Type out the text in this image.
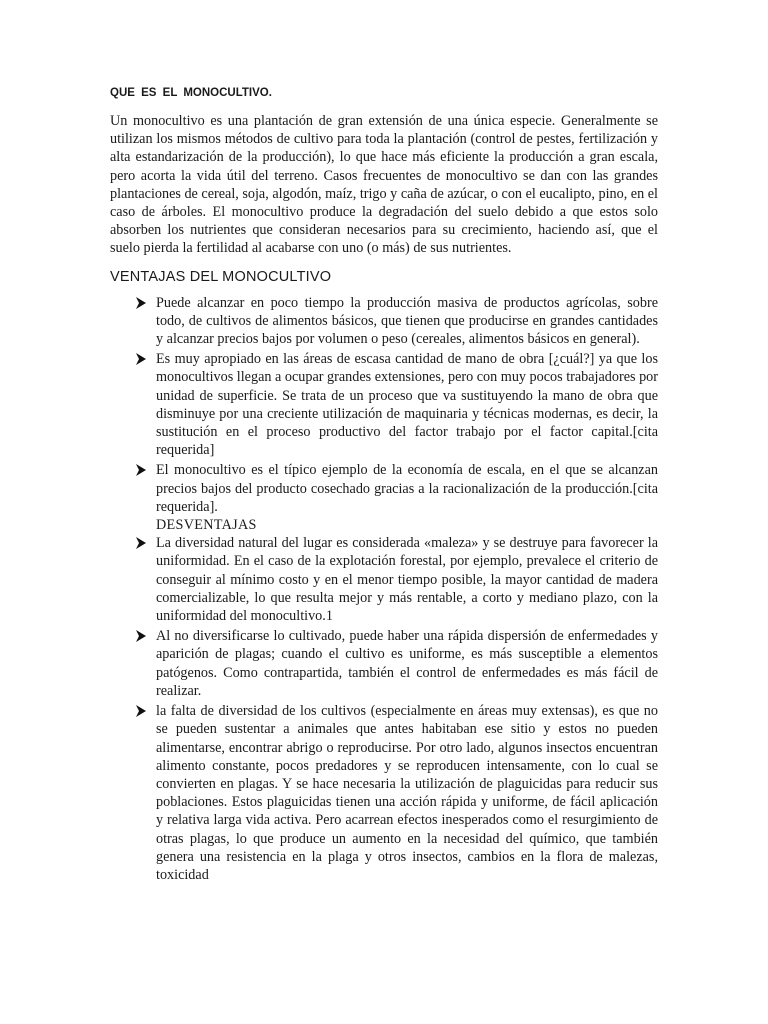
QUE ES EL MONOCULTIVO.

Un monocultivo es una plantación de gran extensión de una única especie. Generalmente se utilizan los mismos métodos de cultivo para toda la plantación (control de pestes, fertilización y alta estandarización de la producción), lo que hace más eficiente la producción a gran escala, pero acorta la vida útil del terreno. Casos frecuentes de monocultivo se dan con las grandes plantaciones de cereal, soja, algodón, maíz, trigo y caña de azúcar, o con el eucalipto, pino, en el caso de árboles. El monocultivo produce la degradación del suelo debido a que estos solo absorben los nutrientes que consideran necesarios para su crecimiento, haciendo así, que el suelo pierda la fertilidad al acabarse con uno (o más) de sus nutrientes.

VENTAJAS DEL MONOCULTIVO

Puede alcanzar en poco tiempo la producción masiva de productos agrícolas, sobre todo, de cultivos de alimentos básicos, que tienen que producirse en grandes cantidades y alcanzar precios bajos por volumen o peso (cereales, alimentos básicos en general).
Es muy apropiado en las áreas de escasa cantidad de mano de obra [¿cuál?] ya que los monocultivos llegan a ocupar grandes extensiones, pero con muy pocos trabajadores por unidad de superficie. Se trata de un proceso que va sustituyendo la mano de obra que disminuye por una creciente utilización de maquinaria y técnicas modernas, es decir, la sustitución en el proceso productivo del factor trabajo por el factor capital.[cita requerida]
El monocultivo es el típico ejemplo de la economía de escala, en el que se alcanzan precios bajos del producto cosechado gracias a la racionalización de la producción.[cita requerida].

DESVENTAJAS

La diversidad natural del lugar es considerada «maleza» y se destruye para favorecer la uniformidad. En el caso de la explotación forestal, por ejemplo, prevalece el criterio de conseguir al mínimo costo y en el menor tiempo posible, la mayor cantidad de madera comercializable, lo que resulta mejor y más rentable, a corto y mediano plazo, con la uniformidad del monocultivo.1
Al no diversificarse lo cultivado, puede haber una rápida dispersión de enfermedades y aparición de plagas; cuando el cultivo es uniforme, es más susceptible a elementos patógenos. Como contrapartida, también el control de enfermedades es más fácil de realizar.
la falta de diversidad de los cultivos (especialmente en áreas muy extensas), es que no se pueden sustentar a animales que antes habitaban ese sitio y estos no pueden alimentarse, encontrar abrigo o reproducirse. Por otro lado, algunos insectos encuentran alimento constante, pocos predadores y se reproducen intensamente, con lo cual se convierten en plagas. Y se hace necesaria la utilización de plaguicidas para reducir sus poblaciones. Estos plaguicidas tienen una acción rápida y uniforme, de fácil aplicación y relativa larga vida activa. Pero acarrean efectos inesperados como el resurgimiento de otras plagas, lo que produce un aumento en la necesidad del químico, que también genera una resistencia en la plaga y otros insectos, cambios en la flora de malezas, toxicidad
